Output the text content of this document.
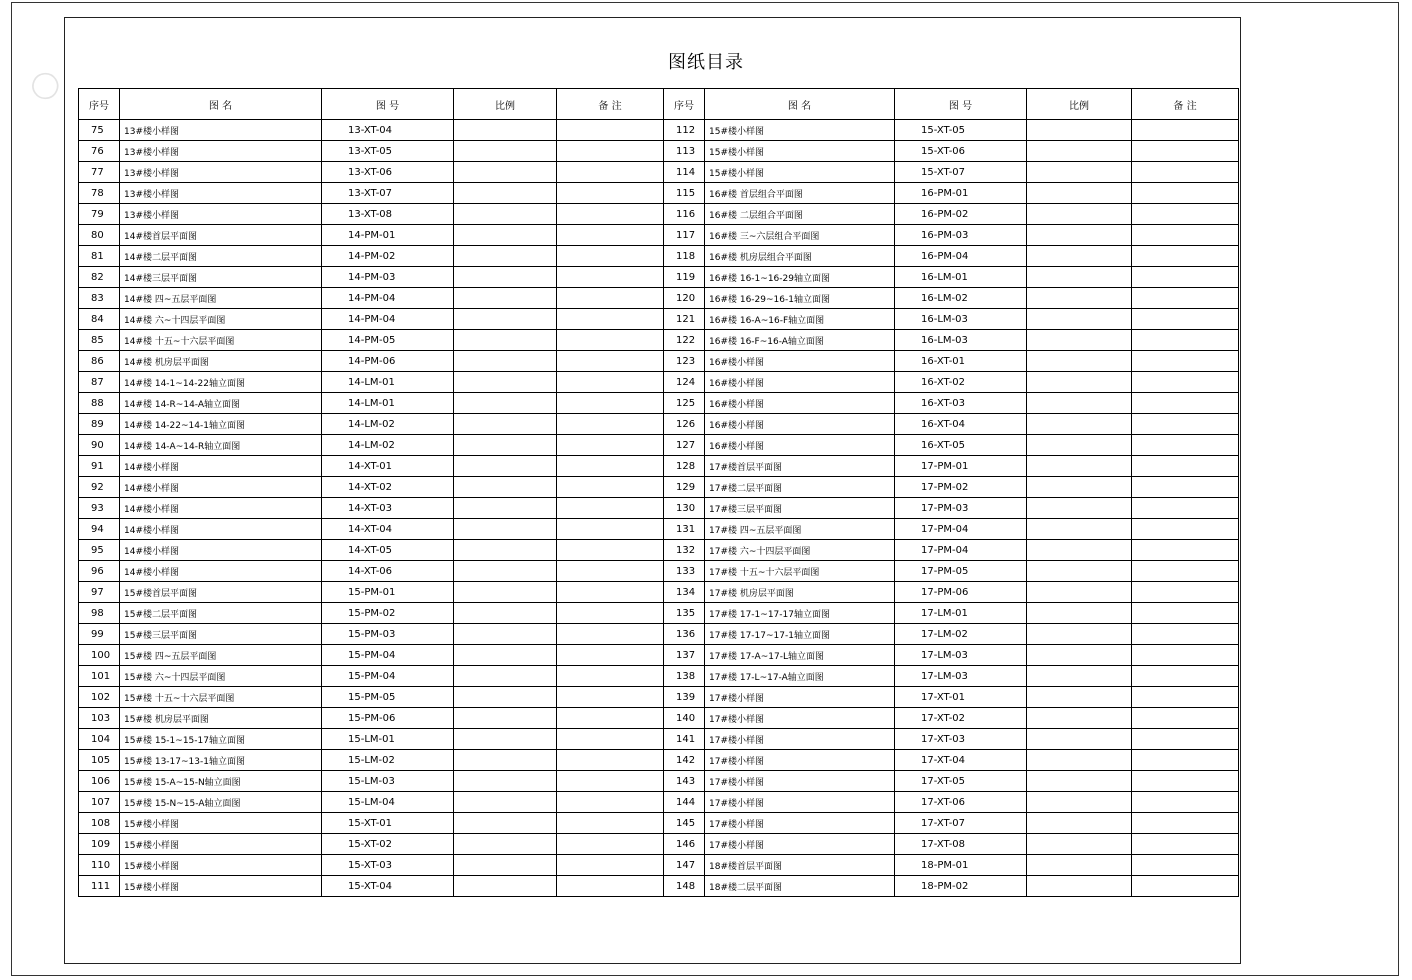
图纸目录
序号	图 名	图 号	比例	备 注	序号	图 名	图 号	比例	备 注
75	13#楼小样图	13-XT-04			112	15#楼小样图	15-XT-05		
76	13#楼小样图	13-XT-05			113	15#楼小样图	15-XT-06		
77	13#楼小样图	13-XT-06			114	15#楼小样图	15-XT-07		
78	13#楼小样图	13-XT-07			115	16#楼 首层组合平面图	16-PM-01		
79	13#楼小样图	13-XT-08			116	16#楼 二层组合平面图	16-PM-02		
80	14#楼首层平面图	14-PM-01			117	16#楼 三~六层组合平面图	16-PM-03		
81	14#楼二层平面图	14-PM-02			118	16#楼 机房层组合平面图	16-PM-04		
82	14#楼三层平面图	14-PM-03			119	16#楼 16-1~16-29轴立面图	16-LM-01		
83	14#楼 四~五层平面图	14-PM-04			120	16#楼 16-29~16-1轴立面图	16-LM-02		
84	14#楼 六~十四层平面图	14-PM-04			121	16#楼 16-A~16-F轴立面图	16-LM-03		
85	14#楼 十五~十六层平面图	14-PM-05			122	16#楼 16-F~16-A轴立面图	16-LM-03		
86	14#楼 机房层平面图	14-PM-06			123	16#楼小样图	16-XT-01		
87	14#楼 14-1~14-22轴立面图	14-LM-01			124	16#楼小样图	16-XT-02		
88	14#楼 14-R~14-A轴立面图	14-LM-01			125	16#楼小样图	16-XT-03		
89	14#楼 14-22~14-1轴立面图	14-LM-02			126	16#楼小样图	16-XT-04		
90	14#楼 14-A~14-R轴立面图	14-LM-02			127	16#楼小样图	16-XT-05		
91	14#楼小样图	14-XT-01			128	17#楼首层平面图	17-PM-01		
92	14#楼小样图	14-XT-02			129	17#楼二层平面图	17-PM-02		
93	14#楼小样图	14-XT-03			130	17#楼三层平面图	17-PM-03		
94	14#楼小样图	14-XT-04			131	17#楼 四~五层平面图	17-PM-04		
95	14#楼小样图	14-XT-05			132	17#楼 六~十四层平面图	17-PM-04		
96	14#楼小样图	14-XT-06			133	17#楼 十五~十六层平面图	17-PM-05		
97	15#楼首层平面图	15-PM-01			134	17#楼 机房层平面图	17-PM-06		
98	15#楼二层平面图	15-PM-02			135	17#楼 17-1~17-17轴立面图	17-LM-01		
99	15#楼三层平面图	15-PM-03			136	17#楼 17-17~17-1轴立面图	17-LM-02		
100	15#楼 四~五层平面图	15-PM-04			137	17#楼 17-A~17-L轴立面图	17-LM-03		
101	15#楼 六~十四层平面图	15-PM-04			138	17#楼 17-L~17-A轴立面图	17-LM-03		
102	15#楼 十五~十六层平面图	15-PM-05			139	17#楼小样图	17-XT-01		
103	15#楼 机房层平面图	15-PM-06			140	17#楼小样图	17-XT-02		
104	15#楼 15-1~15-17轴立面图	15-LM-01			141	17#楼小样图	17-XT-03		
105	15#楼 13-17~13-1轴立面图	15-LM-02			142	17#楼小样图	17-XT-04		
106	15#楼 15-A~15-N轴立面图	15-LM-03			143	17#楼小样图	17-XT-05		
107	15#楼 15-N~15-A轴立面图	15-LM-04			144	17#楼小样图	17-XT-06		
108	15#楼小样图	15-XT-01			145	17#楼小样图	17-XT-07		
109	15#楼小样图	15-XT-02			146	17#楼小样图	17-XT-08		
110	15#楼小样图	15-XT-03			147	18#楼首层平面图	18-PM-01		
111	15#楼小样图	15-XT-04			148	18#楼二层平面图	18-PM-02		
◯
